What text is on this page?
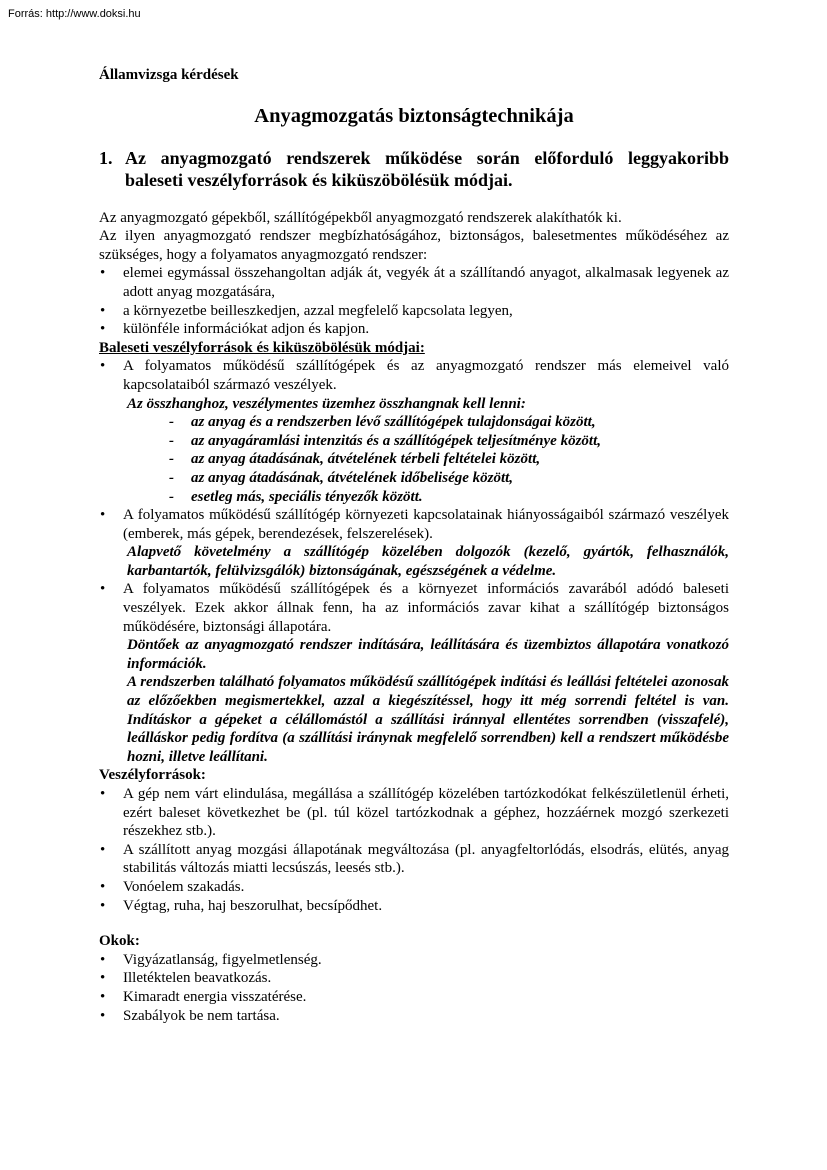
Forrás: http://www.doksi.hu

Államvizsga kérdések

Anyagmozgatás biztonságtechnikája
1. Az anyagmozgató rendszerek működése során előforduló leggyakoribb baleseti veszélyforrások és kiküszöbölésük módjai.

Az anyagmozgató gépekből, szállítógépekből anyagmozgató rendszerek alakíthatók ki.

Az ilyen anyagmozgató rendszer megbízhatóságához, biztonságos, balesetmentes működéséhez az szükséges, hogy a folyamatos anyagmozgató rendszer:

• elemei egymással összehangoltan adják át, vegyék át a szállítandó anyagot, alkalmasak legyenek az adott anyag mozgatására,
• a környezetbe beilleszkedjen, azzal megfelelő kapcsolata legyen,
• különféle információkat adjon és kapjon.

Baleseti veszélyforrások és kiküszöbölésük módjai:

• A folyamatos működésű szállítógépek és az anyagmozgató rendszer más elemeivel való kapcsolataiból származó veszélyek.
Az összhanghoz, veszélymentes üzemhez összhangnak kell lenni:
- az anyag és a rendszerben lévő szállítógépek tulajdonságai között,
- az anyagáramlási intenzitás és a szállítógépek teljesítménye között,
- az anyag átadásának, átvételének térbeli feltételei között,
- az anyag átadásának, átvételének időbelisége között,
- esetleg más, speciális tényezők között.
• A folyamatos működésű szállítógép környezeti kapcsolatainak hiányosságaiból származó veszélyek (emberek, más gépek, berendezések, felszerelések).
Alapvető követelmény a szállítógép közelében dolgozók (kezelő, gyártók, felhasználók, karbantartók, felülvizsgálók) biztonságának, egészségének a védelme.
• A folyamatos működésű szállítógépek és a környezet információs zavarából adódó baleseti veszélyek. Ezek akkor állnak fenn, ha az információs zavar kihat a szállítógép biztonságos működésére, biztonsági állapotára.
Döntőek az anyagmozgató rendszer indítására, leállítására és üzembiztos állapotára vonatkozó információk.
A rendszerben található folyamatos működésű szállítógépek indítási és leállási feltételei azonosak az előzőekben megismertekkel, azzal a kiegészítéssel, hogy itt még sorrendi feltétel is van. Indításkor a gépeket a célállomástól a szállítási iránnyal ellentétes sorrendben (visszafelé), leálláskor pedig fordítva (a szállítási iránynak megfelelő sorrendben) kell a rendszert működésbe hozni, illetve leállítani.

Veszélyforrások:

• A gép nem várt elindulása, megállása a szállítógép közelében tartózkodókat felkészületlenül érheti, ezért baleset következhet be (pl. túl közel tartózkodnak a géphez, hozzáérnek mozgó szerkezeti részekhez stb.).
• A szállított anyag mozgási állapotának megváltozása (pl. anyagfeltorlódás, elsodrás, elütés, anyag stabilitás változás miatti lecsúszás, leesés stb.).
• Vonóelem szakadás.
• Végtag, ruha, haj beszorulhat, becsípődhet.

Okok:

• Vigyázatlanság, figyelmetlenség.
• Illetéktelen beavatkozás.
• Kimaradt energia visszatérése.
• Szabályok be nem tartása.
